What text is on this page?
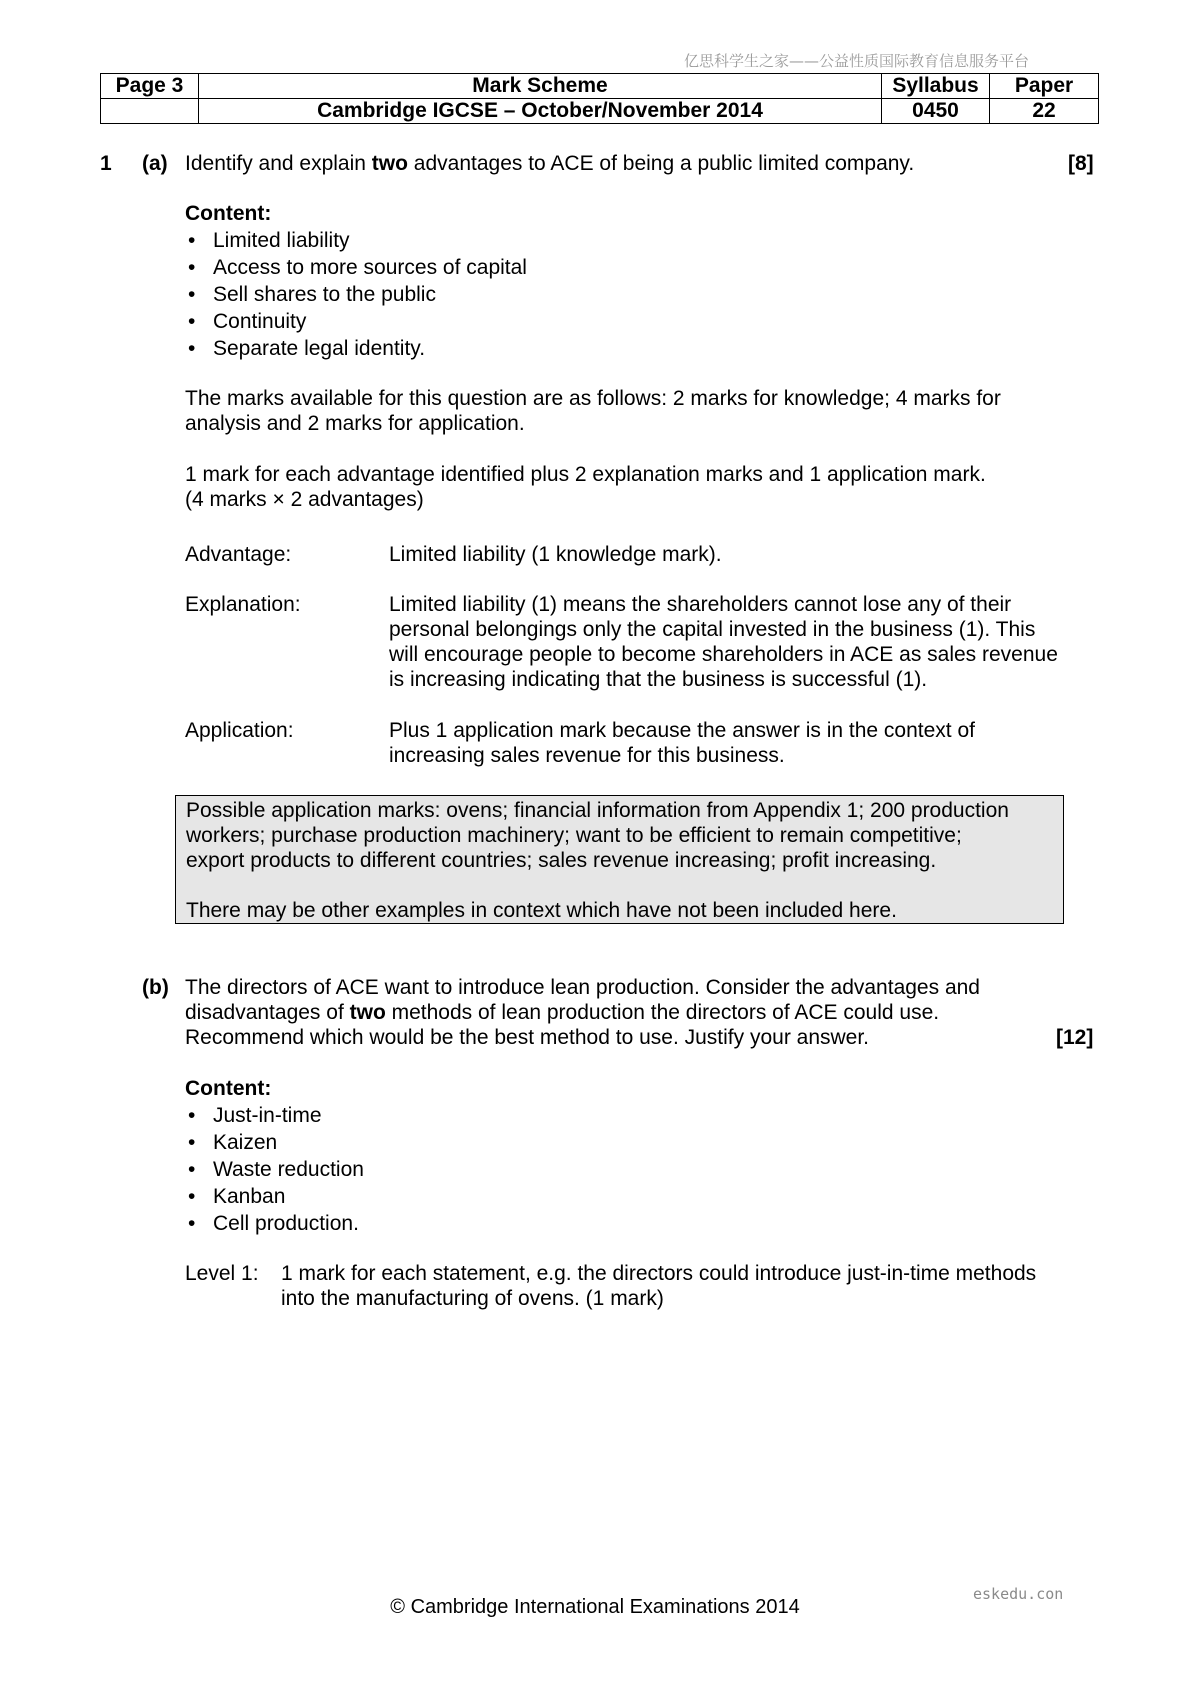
亿思科学生之家——公益性质国际教育信息服务平台
Page 3	Mark Scheme	Syllabus	Paper
	Cambridge IGCSE – October/November 2014	0450	22
1 (a) Identify and explain two advantages to ACE of being a public limited company.	[8]
Content:
• Limited liability
• Access to more sources of capital
• Sell shares to the public
• Continuity
• Separate legal identity.
The marks available for this question are as follows: 2 marks for knowledge; 4 marks for
analysis and 2 marks for application.
1 mark for each advantage identified plus 2 explanation marks and 1 application mark.
(4 marks × 2 advantages)
Advantage:	Limited liability (1 knowledge mark).
Explanation:	Limited liability (1) means the shareholders cannot lose any of their
personal belongings only the capital invested in the business (1). This
will encourage people to become shareholders in ACE as sales revenue
is increasing indicating that the business is successful (1).
Application:	Plus 1 application mark because the answer is in the context of
increasing sales revenue for this business.
Possible application marks: ovens; financial information from Appendix 1; 200 production
workers; purchase production machinery; want to be efficient to remain competitive;
export products to different countries; sales revenue increasing; profit increasing.
There may be other examples in context which have not been included here.
(b) The directors of ACE want to introduce lean production. Consider the advantages and
disadvantages of two methods of lean production the directors of ACE could use.
Recommend which would be the best method to use. Justify your answer.	[12]
Content:
• Just-in-time
• Kaizen
• Waste reduction
• Kanban
• Cell production.
Level 1: 1 mark for each statement, e.g. the directors could introduce just-in-time methods
into the manufacturing of ovens. (1 mark)
eskedu.con
© Cambridge International Examinations 2014
